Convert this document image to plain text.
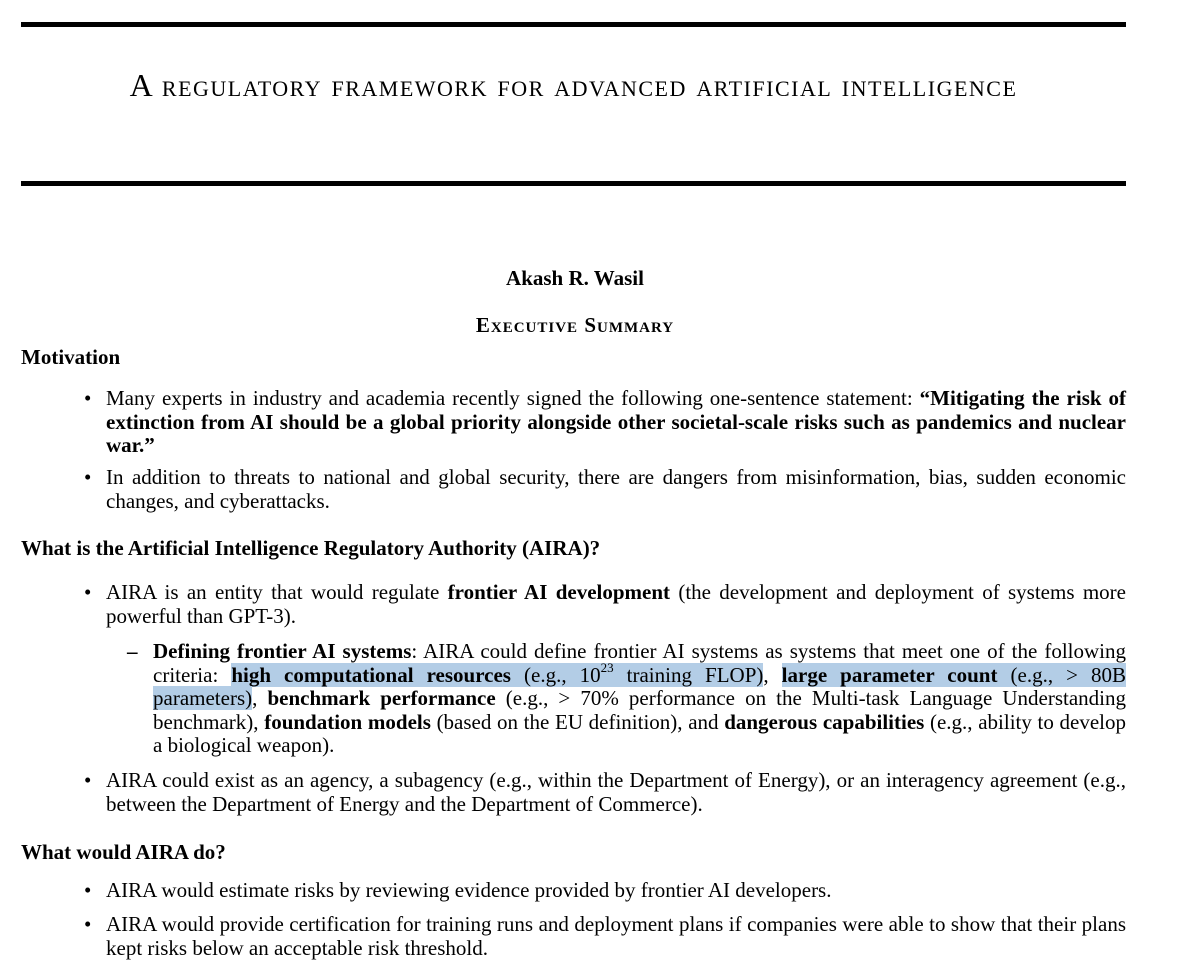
A regulatory framework for advanced artificial intelligence
Akash R. Wasil
Executive Summary
Motivation
• Many experts in industry and academia recently signed the following one-sentence statement: “Mitigating the risk of extinction from AI should be a global priority alongside other societal-scale risks such as pandemics and nuclear war.”
• In addition to threats to national and global security, there are dangers from misinformation, bias, sudden economic changes, and cyberattacks.
What is the Artificial Intelligence Regulatory Authority (AIRA)?
• AIRA is an entity that would regulate frontier AI development (the development and deployment of systems more powerful than GPT-3).
– Defining frontier AI systems: AIRA could define frontier AI systems as systems that meet one of the following criteria: high computational resources (e.g., $10^{23}$ training FLOP), large parameter count (e.g., > 80B parameters), benchmark performance (e.g., > 70% performance on the Multi-task Language Understanding benchmark), foundation models (based on the EU definition), and dangerous capabilities (e.g., ability to develop a biological weapon).
• AIRA could exist as an agency, a subagency (e.g., within the Department of Energy), or an interagency agreement (e.g., between the Department of Energy and the Department of Commerce).
What would AIRA do?
• AIRA would estimate risks by reviewing evidence provided by frontier AI developers.
• AIRA would provide certification for training runs and deployment plans if companies were able to show that their plans kept risks below an acceptable risk threshold.
